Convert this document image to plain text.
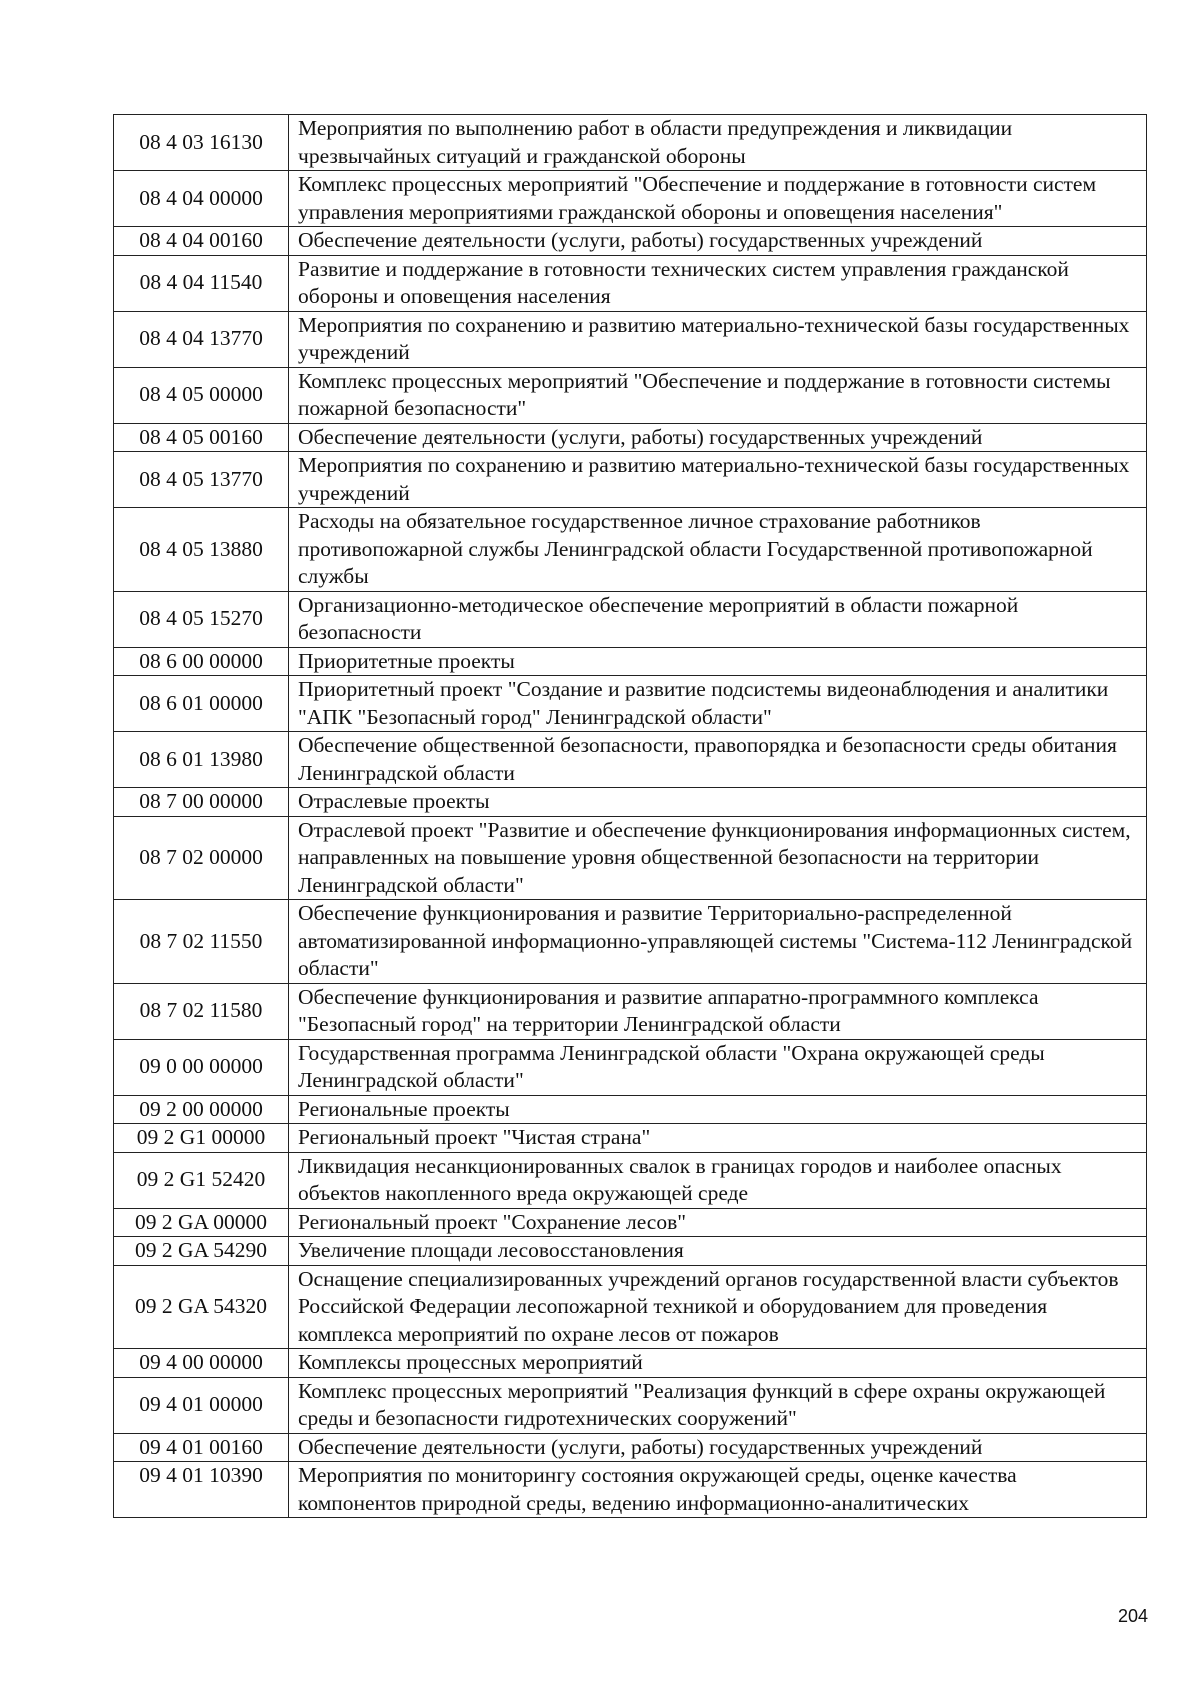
08 4 03 16130	Мероприятия по выполнению работ в области предупреждения и ликвидации чрезвычайных ситуаций и гражданской обороны
08 4 04 00000	Комплекс процессных мероприятий "Обеспечение и поддержание в готовности систем управления мероприятиями гражданской обороны и оповещения населения"
08 4 04 00160	Обеспечение деятельности (услуги, работы) государственных учреждений
08 4 04 11540	Развитие и поддержание в готовности технических систем управления гражданской обороны и оповещения населения
08 4 04 13770	Мероприятия по сохранению и развитию материально-технической базы государственных учреждений
08 4 05 00000	Комплекс процессных мероприятий "Обеспечение и поддержание в готовности системы пожарной безопасности"
08 4 05 00160	Обеспечение деятельности (услуги, работы) государственных учреждений
08 4 05 13770	Мероприятия по сохранению и развитию материально-технической базы государственных учреждений
08 4 05 13880	Расходы на обязательное государственное личное страхование работников противопожарной службы Ленинградской области Государственной противопожарной службы
08 4 05 15270	Организационно-методическое обеспечение мероприятий в области пожарной безопасности
08 6 00 00000	Приоритетные проекты
08 6 01 00000	Приоритетный проект "Создание и развитие подсистемы видеонаблюдения и аналитики "АПК "Безопасный город" Ленинградской области"
08 6 01 13980	Обеспечение общественной безопасности, правопорядка и безопасности среды обитания Ленинградской области
08 7 00 00000	Отраслевые проекты
08 7 02 00000	Отраслевой проект "Развитие и обеспечение функционирования информационных систем, направленных на повышение уровня общественной безопасности на территории Ленинградской области"
08 7 02 11550	Обеспечение функционирования и развитие Территориально-распределенной автоматизированной информационно-управляющей системы "Система-112 Ленинградской области"
08 7 02 11580	Обеспечение функционирования и развитие аппаратно-программного комплекса "Безопасный город" на территории Ленинградской области
09 0 00 00000	Государственная программа Ленинградской области "Охрана окружающей среды Ленинградской области"
09 2 00 00000	Региональные проекты
09 2 G1 00000	Региональный проект "Чистая страна"
09 2 G1 52420	Ликвидация несанкционированных свалок в границах городов и наиболее опасных объектов накопленного вреда окружающей среде
09 2 GA 00000	Региональный проект "Сохранение лесов"
09 2 GA 54290	Увеличение площади лесовосстановления
09 2 GA 54320	Оснащение специализированных учреждений органов государственной власти субъектов Российской Федерации лесопожарной техникой и оборудованием для проведения комплекса мероприятий по охране лесов от пожаров
09 4 00 00000	Комплексы процессных мероприятий
09 4 01 00000	Комплекс процессных мероприятий "Реализация функций в сфере охраны окружающей среды и безопасности гидротехнических сооружений"
09 4 01 00160	Обеспечение деятельности (услуги, работы) государственных учреждений
09 4 01 10390	Мероприятия по мониторингу состояния окружающей среды, оценке качества компонентов природной среды, ведению информационно-аналитических
204
